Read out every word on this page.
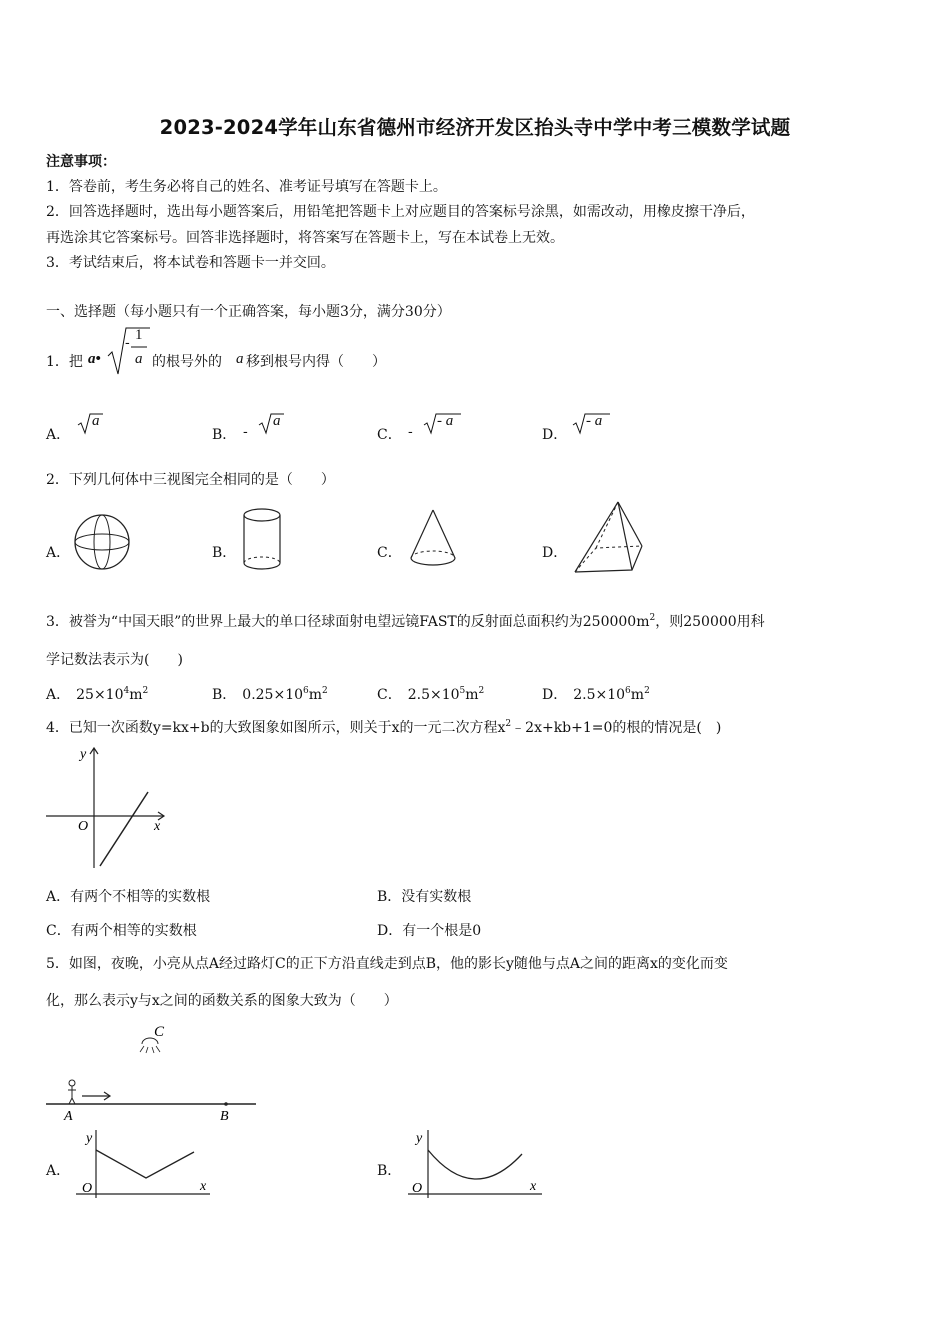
2023-2024学年山东省德州市经济开发区抬头寺中学中考三模数学试题
注意事项：
1．答卷前，考生务必将自己的姓名、准考证号填写在答题卡上。
2．回答选择题时，选出每小题答案后，用铅笔把答题卡上对应题目的答案标号涂黑，如需改动，用橡皮擦干净后，
再选涂其它答案标号。回答非选择题时，将答案写在答题卡上，写在本试卷上无效。
3．考试结束后，将本试卷和答题卡一并交回。
一、选择题（每小题只有一个正确答案，每小题3分，满分30分）
1．把 a•
- 1
a 的根号外的 a 移到根号内得（　　）
A．
a
B． -
a
C． -
- a
D．
- a
2．下列几何体中三视图完全相同的是（　　）
A．	B．	C．	D．
3．被誉为“中国天眼”的世界上最大的单口径球面射电望远镜FAST的反射面总面积约为$250000m^2$，则250000用科
学记数法表示为(　　)
A． $25\times 10^4m^2$	B． $0.25\times 10^6m^2$	C． $2.5\times 10^5m^2$	D． $2.5\times 10^6m^2$
4．已知一次函数y=kx+b的大致图象如图所示，则关于x的一元二次方程$x^2﹣2x+kb+1=0$的根的情况是(　)
y
x
O
A．有两个不相等的实数根	B．没有实数根
C．有两个相等的实数根	D．有一个根是0
5．如图，夜晚，小亮从点A经过路灯C的正下方沿直线走到点B，他的影长y随他与点A之间的距离x的变化而变
化，那么表示y与x之间的函数关系的图象大致为（　　）
C
A	B
A．
y
x
O
B．
y
x
O
